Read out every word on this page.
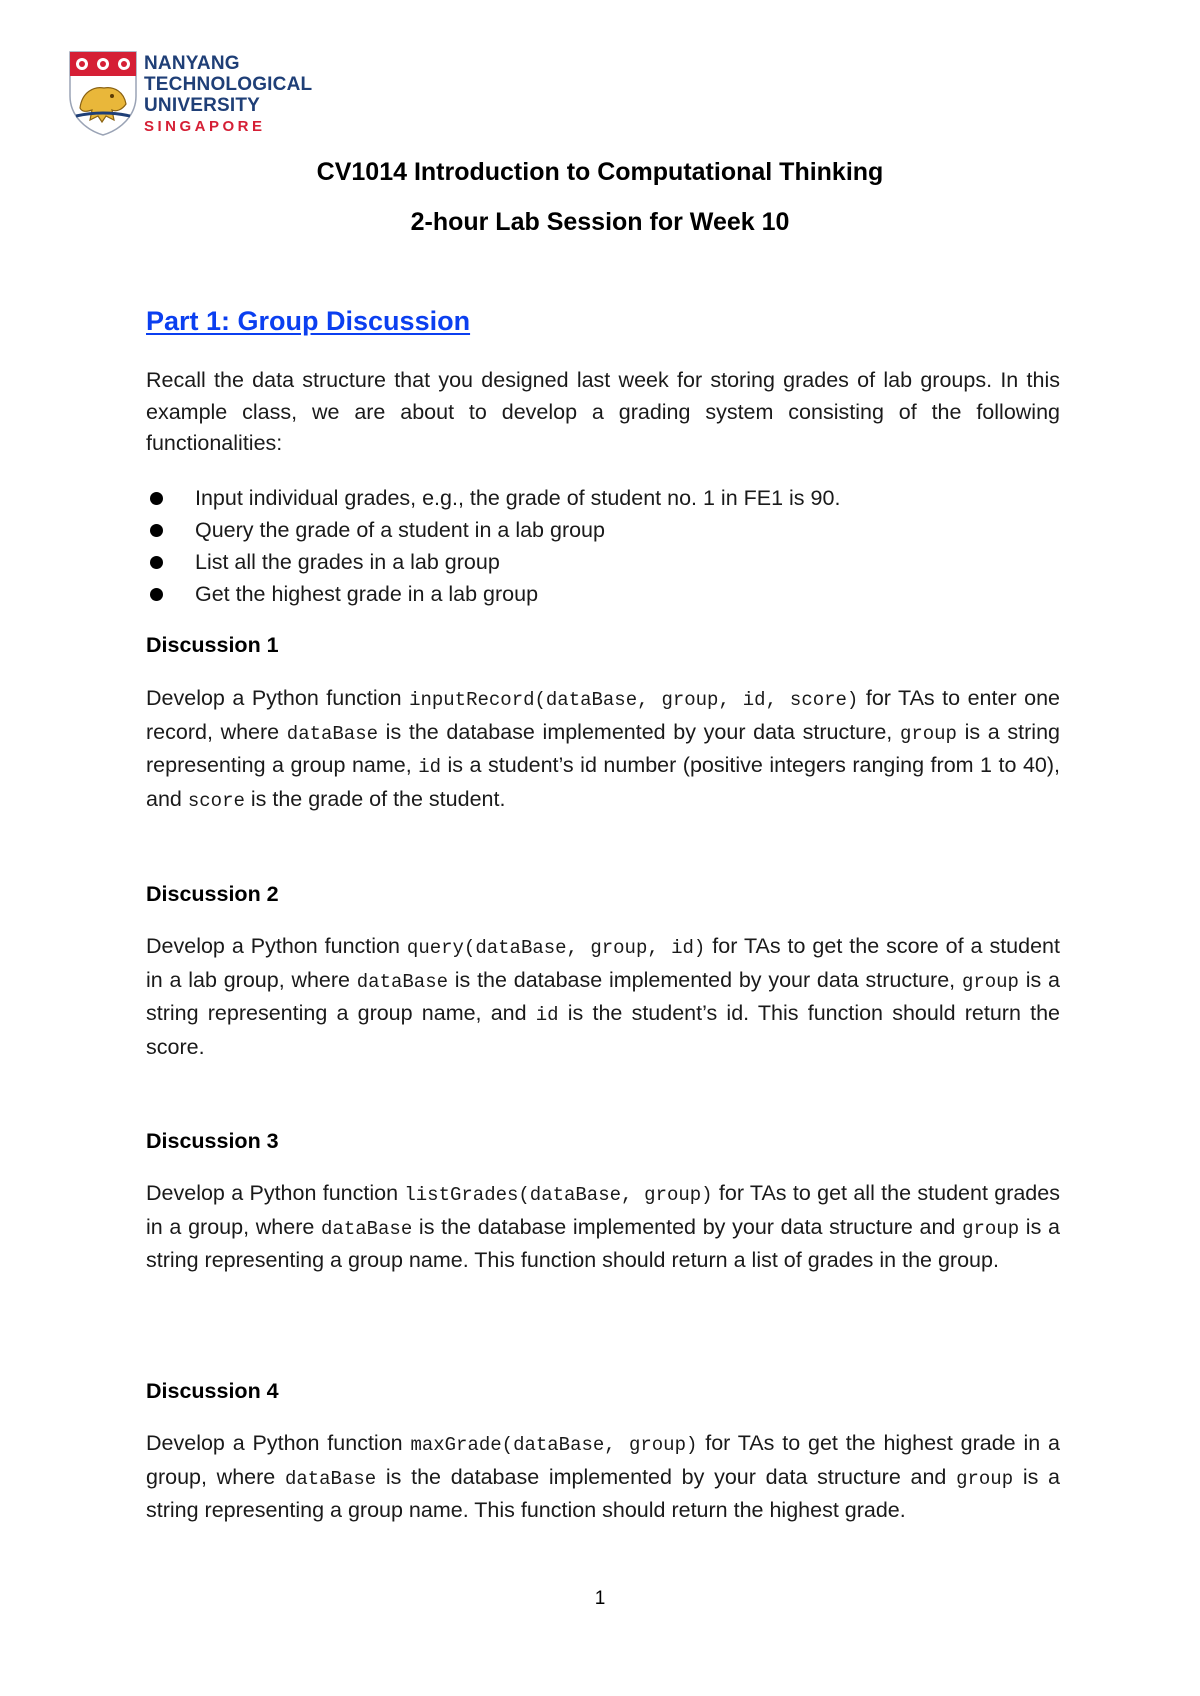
NANYANG
TECHNOLOGICAL
UNIVERSITY
SINGAPORE
CV1014 Introduction to Computational Thinking
2-hour Lab Session for Week 10
Part 1: Group Discussion
Recall the data structure that you designed last week for storing grades of lab groups. In this example class, we are about to develop a grading system consisting of the following functionalities:
Input individual grades, e.g., the grade of student no. 1 in FE1 is 90.
Query the grade of a student in a lab group
List all the grades in a lab group
Get the highest grade in a lab group
Discussion 1
Develop a Python function inputRecord(dataBase, group, id, score) for TAs to enter one record, where dataBase is the database implemented by your data structure, group is a string representing a group name, id is a student’s id number (positive integers ranging from 1 to 40), and score is the grade of the student.
Discussion 2
Develop a Python function query(dataBase, group, id) for TAs to get the score of a student in a lab group, where dataBase is the database implemented by your data structure, group is a string representing a group name, and id is the student’s id. This function should return the score.
Discussion 3
Develop a Python function listGrades(dataBase, group) for TAs to get all the student grades in a group, where dataBase is the database implemented by your data structure and group is a string representing a group name. This function should return a list of grades in the group.
Discussion 4
Develop a Python function maxGrade(dataBase, group) for TAs to get the highest grade in a group, where dataBase is the database implemented by your data structure and group is a string representing a group name. This function should return the highest grade.
1
